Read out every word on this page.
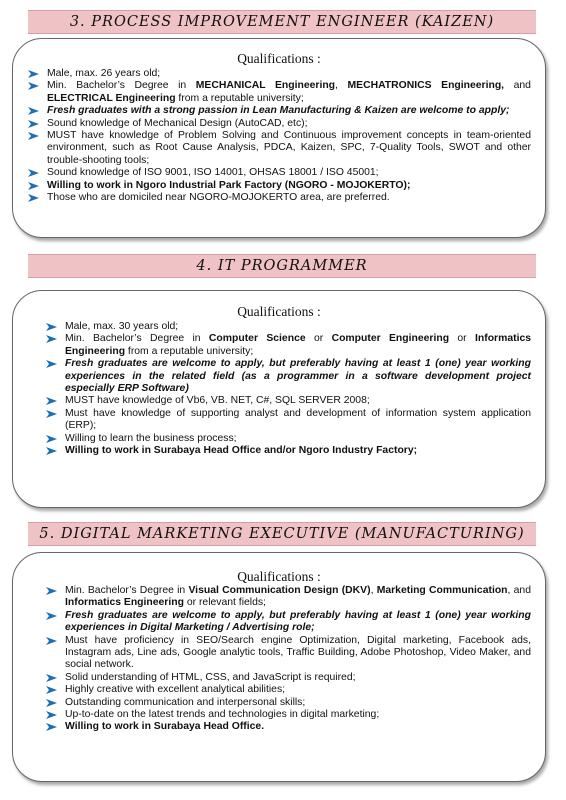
3. PROCESS IMPROVEMENT ENGINEER (KAIZEN)
Qualifications :
Male, max. 26 years old;
Min. Bachelor’s Degree in MECHANICAL Engineering, MECHATRONICS Engineering, and ELECTRICAL Engineering from a reputable university;
Fresh graduates with a strong passion in Lean Manufacturing & Kaizen are welcome to apply;
Sound knowledge of Mechanical Design (AutoCAD, etc);
MUST have knowledge of Problem Solving and Continuous improvement concepts in team-oriented environment, such as Root Cause Analysis, PDCA, Kaizen, SPC, 7-Quality Tools, SWOT and other trouble-shooting tools;
Sound knowledge of ISO 9001, ISO 14001, OHSAS 18001 / ISO 45001;
Willing to work in Ngoro Industrial Park Factory (NGORO - MOJOKERTO);
Those who are domiciled near NGORO-MOJOKERTO area, are preferred.
4. IT PROGRAMMER
Qualifications :
Male, max. 30 years old;
Min. Bachelor’s Degree in Computer Science or Computer Engineering or Informatics Engineering from a reputable university;
Fresh graduates are welcome to apply, but preferably having at least 1 (one) year working experiences in the related field (as a programmer in a software development project especially ERP Software)
MUST have knowledge of Vb6, VB. NET, C#, SQL SERVER 2008;
Must have knowledge of supporting analyst and development of information system application (ERP);
Willing to learn the business process;
Willing to work in Surabaya Head Office and/or Ngoro Industry Factory;
5. DIGITAL MARKETING EXECUTIVE (MANUFACTURING)
Qualifications :
Min. Bachelor’s Degree in Visual Communication Design (DKV), Marketing Communication, and Informatics Engineering or relevant fields;
Fresh graduates are welcome to apply, but preferably having at least 1 (one) year working experiences in Digital Marketing / Advertising role;
Must have proficiency in SEO/Search engine Optimization, Digital marketing, Facebook ads, Instagram ads, Line ads, Google analytic tools, Traffic Building, Adobe Photoshop, Video Maker, and social network.
Solid understanding of HTML, CSS, and JavaScript is required;
Highly creative with excellent analytical abilities;
Outstanding communication and interpersonal skills;
Up-to-date on the latest trends and technologies in digital marketing;
Willing to work in Surabaya Head Office.
